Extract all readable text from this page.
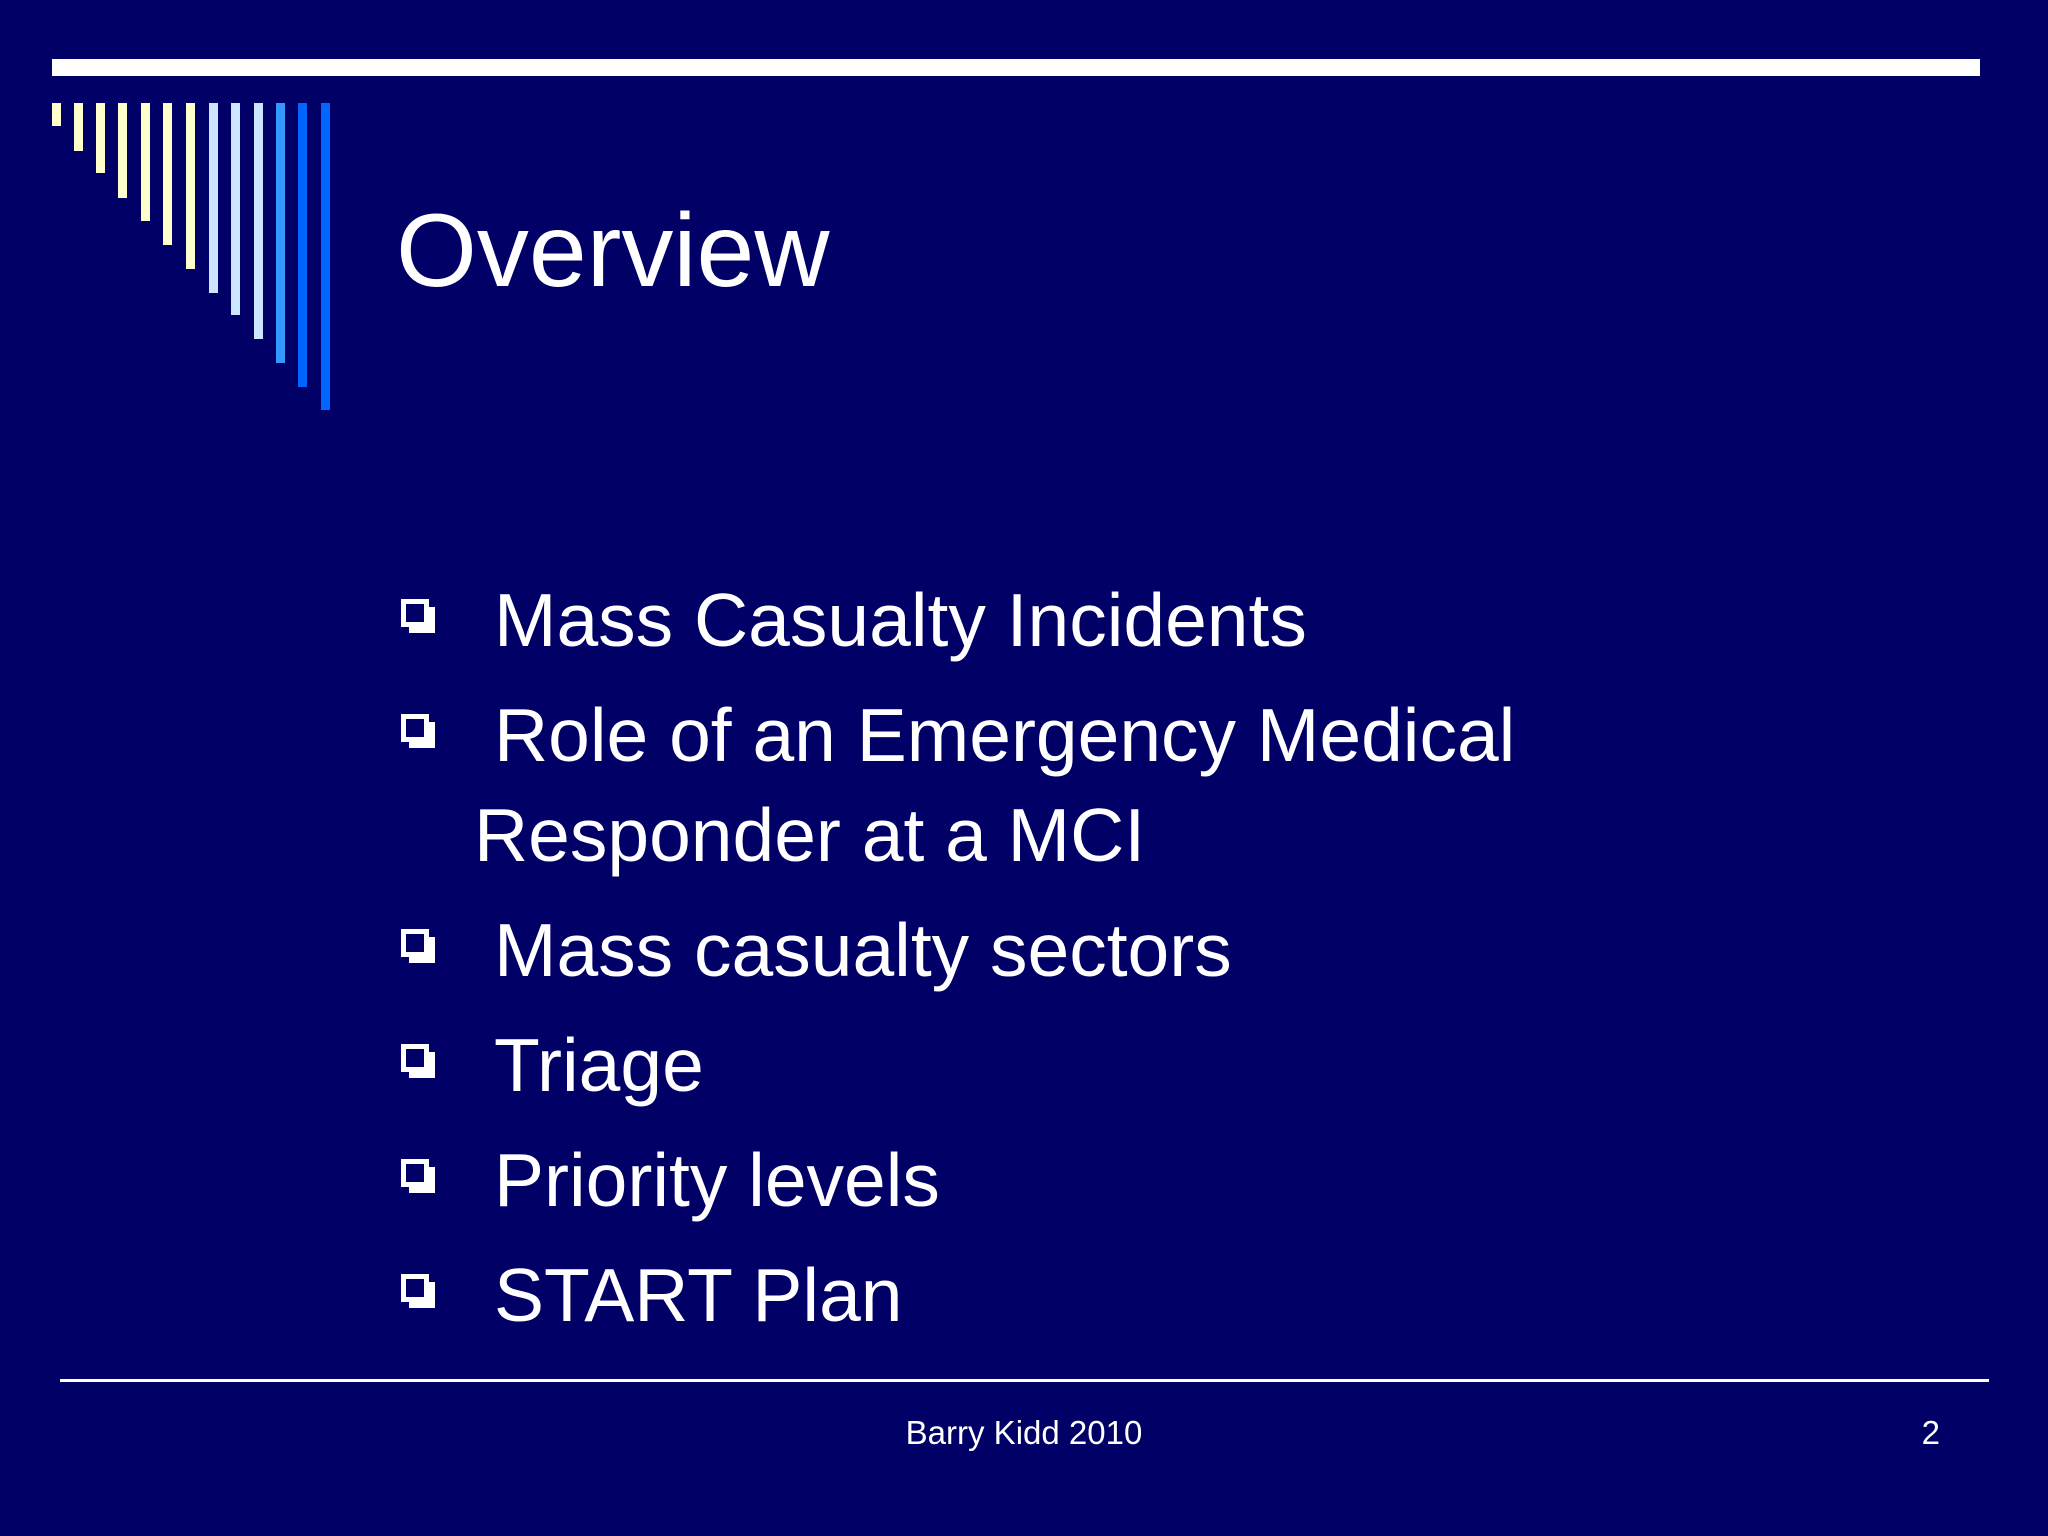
Overview
Mass Casualty Incidents
Role of an Emergency Medical Responder at a MCI
Mass casualty sectors
Triage
Priority levels
START Plan
Barry Kidd 2010	2
